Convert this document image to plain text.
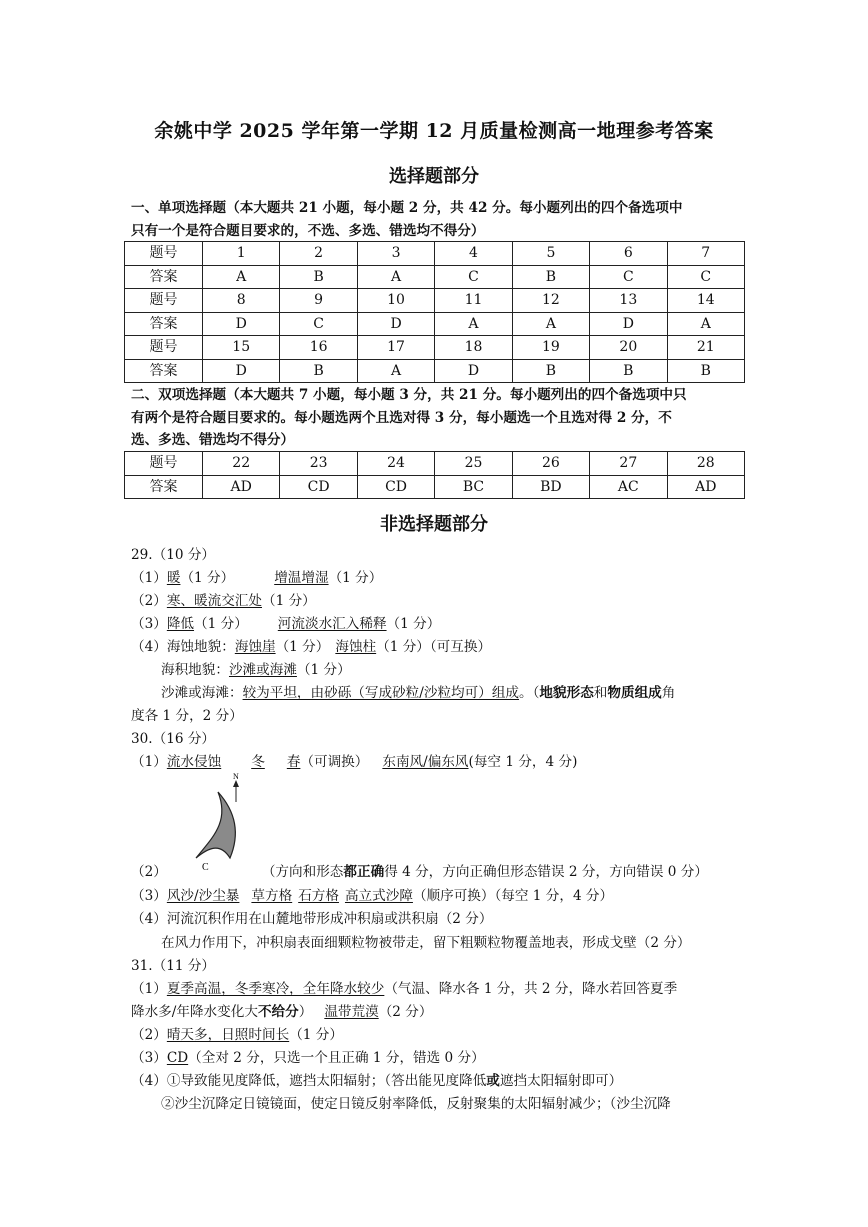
余姚中学 2025 学年第一学期 12 月质量检测高一地理参考答案
选择题部分
一、单项选择题（本大题共 21 小题，每小题 2 分，共 42 分。每小题列出的四个备选项中
只有一个是符合题目要求的，不选、多选、错选均不得分）
题号	1	2	3	4	5	6	7
答案	A	B	A	C	B	C	C
题号	8	9	10	11	12	13	14
答案	D	C	D	A	A	D	A
题号	15	16	17	18	19	20	21
答案	D	B	A	D	B	B	B
二、双项选择题（本大题共 7 小题，每小题 3 分，共 21 分。每小题列出的四个备选项中只
有两个是符合题目要求的。每小题选两个且选对得 3 分，每小题选一个且选对得 2 分，不
选、多选、错选均不得分）
题号	22	23	24	25	26	27	28
答案	AD	CD	CD	BC	BD	AC	AD
非选择题部分
29.（10 分）
（1）暖（1 分）	增温增湿（1 分）
（2）寒、暖流交汇处（1 分）
（3）降低（1 分） 河流淡水汇入稀释（1 分）
（4）海蚀地貌：海蚀崖（1 分） 海蚀柱（1 分）（可互换）
海积地貌：沙滩或海滩（1 分）
沙滩或海滩：较为平坦，由砂砾（写成砂粒/沙粒均可）组成。（地貌形态和物质组成角
度各 1 分，2 分）
30.（16 分）
（1）流水侵蚀 冬 春（可调换） 东南风/偏东风(每空 1 分，4 分)
N
C
（2）	（方向和形态都正确得 4 分，方向正确但形态错误 2 分，方向错误 0 分）
（3）风沙/沙尘暴 草方格 石方格 高立式沙障（顺序可换）（每空 1 分，4 分）
（4）河流沉积作用在山麓地带形成冲积扇或洪积扇（2 分）
在风力作用下，冲积扇表面细颗粒物被带走，留下粗颗粒物覆盖地表，形成戈壁（2 分）
31.（11 分）
（1）夏季高温，冬季寒冷，全年降水较少（气温、降水各 1 分，共 2 分，降水若回答夏季
降水多/年降水变化大不给分） 温带荒漠（2 分）
（2）晴天多，日照时间长（1 分）
（3）CD（全对 2 分，只选一个且正确 1 分，错选 0 分）
（4）①导致能见度降低，遮挡太阳辐射；（答出能见度降低或遮挡太阳辐射即可）
②沙尘沉降定日镜镜面，使定日镜反射率降低，反射聚集的太阳辐射减少；（沙尘沉降
